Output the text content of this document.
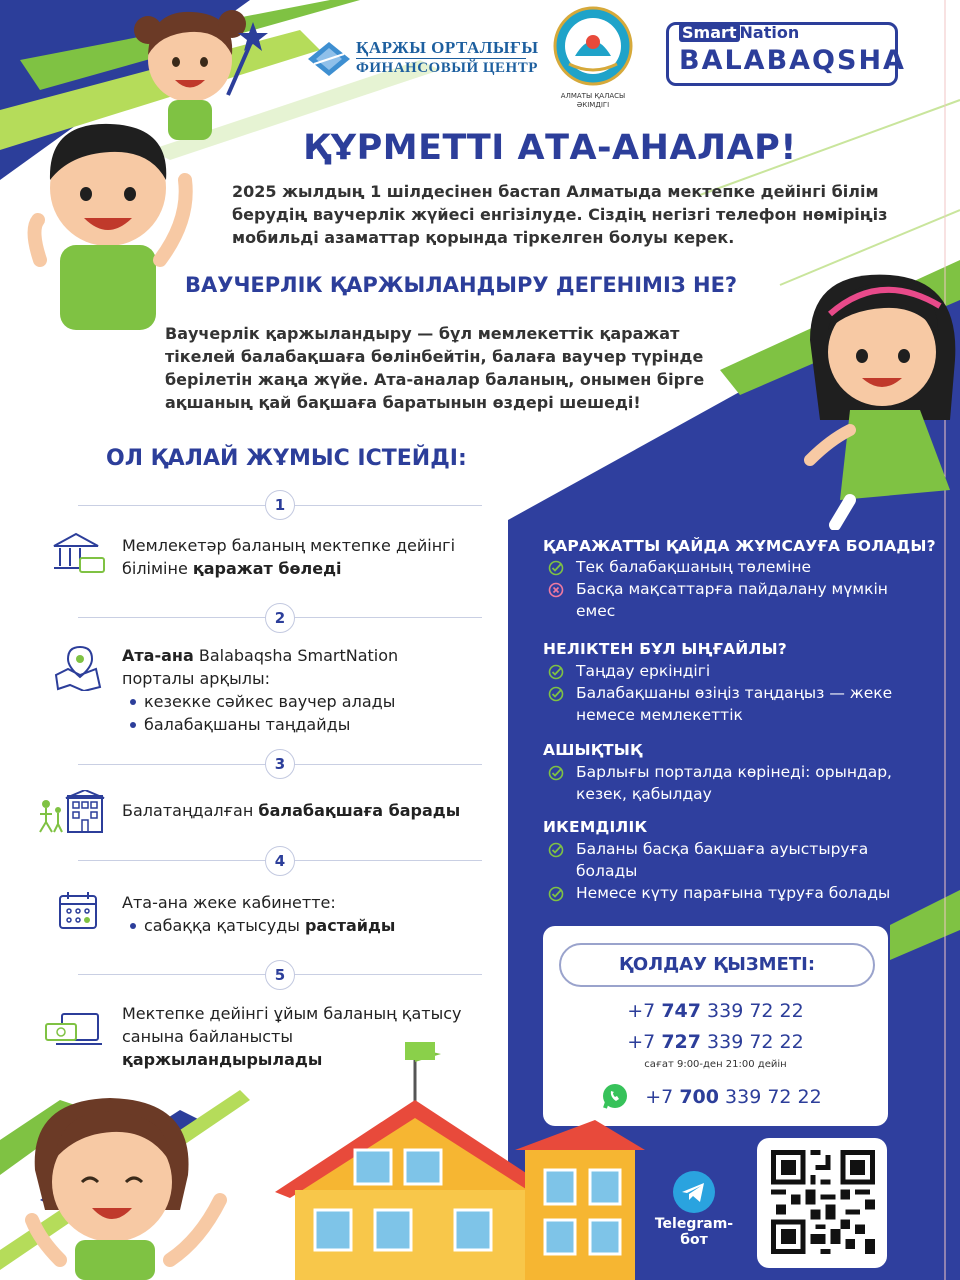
ҚАРЖЫ ОРТАЛЫҒЫ
ФИНАНСОВЫЙ ЦЕНТР
АЛМАТЫ ҚАЛАСЫ
ӘКІМДІГІ
Smart Nation
BALABAQSHA
ҚҰРМЕТТІ АТА-АНАЛАР!
2025 жылдың 1 шілдесінен бастап Алматыда мектепке дейінгі білім берудің ваучерлік жүйесі енгізілуде. Сіздің негізгі телефон нөміріңіз мобильді азаматтар қорында тіркелген болуы керек.
ВАУЧЕРЛІК ҚАРЖЫЛАНДЫРУ ДЕГЕНІМІЗ НЕ?
Ваучерлік қаржыландыру — бұл мемлекеттік қаражат тікелей балабақшаға бөлінбейтін, балаға ваучер түрінде берілетін жаңа жүйе. Ата-аналар баланың, онымен бірге ақшаның қай бақшаға баратынын өздері шешеді!
ОЛ ҚАЛАЙ ЖҰМЫС ІСТЕЙДІ:
1
Мемлекетәр баланың мектепке дейінгі біліміне қаражат бөледі
2
Ата-ана Balabaqsha SmartNation порталы арқылы:
кезекке сәйкес ваучер алады
балабақшаны таңдайды
3
Балатаңдалған балабақшаға барады
4
Ата-ана жеке кабинетте:
сабаққа қатысуды растайды
5
Мектепке дейінгі ұйым баланың қатысу санына байланысты қаржыландырылады
ҚАРАЖАТТЫ ҚАЙДА ЖҰМСАУҒА БОЛАДЫ?
Тек балабақшаның төлеміне
Басқа мақсаттарға пайдалану мүмкін емес
НЕЛІКТЕН БҰЛ ЫҢҒАЙЛЫ?
Таңдау еркіндігі
Балабақшаны өзіңіз таңдаңыз — жеке немесе мемлекеттік
АШЫҚТЫҚ
Барлығы порталда көрінеді: орындар, кезек, қабылдау
ИКЕМДІЛІК
Баланы басқа бақшаға ауыстыруға болады
Немесе күту парағына тұруға болады
ҚОЛДАУ ҚЫЗМЕТІ:
+7 747 339 72 22
+7 727 339 72 22
сағат 9:00-ден 21:00 дейін
+7 700 339 72 22
Telegram-бот
